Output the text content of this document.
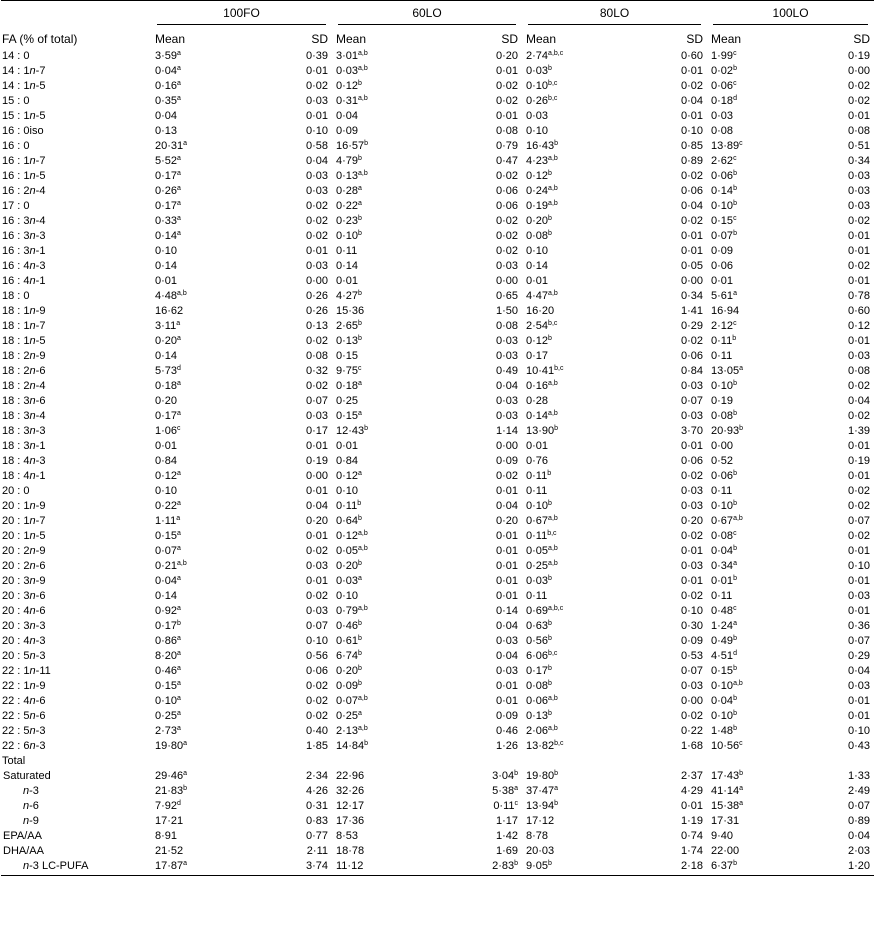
	100FO		60LO		80LO		100LO	

FA (% of total)	Mean	SD	Mean	SD	Mean	SD	Mean	SD
14 : 0	$3\cdot 59^a$	0·39	$3\cdot 01^{a,b}$	0·20	$2\cdot 74^{a,b,c}$	0·60	$1\cdot 99^c$	0·19
14 : 1n-7	$0\cdot 04^a$	0·01	$0\cdot 03^{a,b}$	0·01	$0\cdot 03^b$	0·01	$0\cdot 02^b$	0·00
14 : 1n-5	$0\cdot 16^a$	0·02	$0\cdot 12^b$	0·02	$0\cdot 10^{b,c}$	0·02	$0\cdot 06^c$	0·02
15 : 0	$0\cdot 35^a$	0·03	$0\cdot 31^{a,b}$	0·02	$0\cdot 26^{b,c}$	0·04	$0\cdot 18^d$	0·02
15 : 1n-5	0·04	0·01	0·04	0·01	0·03	0·01	0·03	0·01
16 : 0iso	0·13	0·10	0·09	0·08	0·10	0·10	0·08	0·08
16 : 0	$20\cdot 31^a$	0·58	$16\cdot 57^b$	0·79	$16\cdot 43^b$	0·85	$13\cdot 89^c$	0·51
16 : 1n-7	$5\cdot 52^a$	0·04	$4\cdot 79^b$	0·47	$4\cdot 23^{a,b}$	0·89	$2\cdot 62^c$	0·34
16 : 1n-5	$0\cdot 17^a$	0·03	$0\cdot 13^{a,b}$	0·02	$0\cdot 12^b$	0·02	$0\cdot 06^b$	0·03
16 : 2n-4	$0\cdot 26^a$	0·03	$0\cdot 28^a$	0·06	$0\cdot 24^{a,b}$	0·06	$0\cdot 14^b$	0·03
17 : 0	$0\cdot 17^a$	0·02	$0\cdot 22^a$	0·06	$0\cdot 19^{a,b}$	0·04	$0\cdot 10^b$	0·03
16 : 3n-4	$0\cdot 33^a$	0·02	$0\cdot 23^b$	0·02	$0\cdot 20^b$	0·02	$0\cdot 15^c$	0·02
16 : 3n-3	$0\cdot 14^a$	0·02	$0\cdot 10^b$	0·02	$0\cdot 08^b$	0·01	$0\cdot 07^b$	0·01
16 : 3n-1	0·10	0·01	0·11	0·02	0·10	0·01	0·09	0·01
16 : 4n-3	0·14	0·03	0·14	0·03	0·14	0·05	0·06	0·02
16 : 4n-1	0·01	0·00	0·01	0·00	0·01	0·00	0·01	0·01
18 : 0	$4\cdot 48^{a,b}$	0·26	$4\cdot 27^b$	0·65	$4\cdot 47^{a,b}$	0·34	$5\cdot 61^a$	0·78
18 : 1n-9	16·62	0·26	15·36	1·50	16·20	1·41	16·94	0·60
18 : 1n-7	$3\cdot 11^a$	0·13	$2\cdot 65^b$	0·08	$2\cdot 54^{b,c}$	0·29	$2\cdot 12^c$	0·12
18 : 1n-5	$0\cdot 20^a$	0·02	$0\cdot 13^b$	0·03	$0\cdot 12^b$	0·02	$0\cdot 11^b$	0·01
18 : 2n-9	0·14	0·08	0·15	0·03	0·17	0·06	0·11	0·03
18 : 2n-6	$5\cdot 73^d$	0·32	$9\cdot 75^c$	0·49	$10\cdot 41^{b,c}$	0·84	$13\cdot 05^a$	0·08
18 : 2n-4	$0\cdot 18^a$	0·02	$0\cdot 18^a$	0·04	$0\cdot 16^{a,b}$	0·03	$0\cdot 10^b$	0·02
18 : 3n-6	0·20	0·07	0·25	0·03	0·28	0·07	0·19	0·04
18 : 3n-4	$0\cdot 17^a$	0·03	$0\cdot 15^a$	0·03	$0\cdot 14^{a,b}$	0·03	$0\cdot 08^b$	0·02
18 : 3n-3	$1\cdot 06^c$	0·17	$12\cdot 43^b$	1·14	$13\cdot 90^b$	3·70	$20\cdot 93^b$	1·39
18 : 3n-1	0·01	0·01	0·01	0·00	0·01	0·01	0·00	0·01
18 : 4n-3	0·84	0·19	0·84	0·09	0·76	0·06	0·52	0·19
18 : 4n-1	$0\cdot 12^a$	0·00	$0\cdot 12^a$	0·02	$0\cdot 11^b$	0·02	$0\cdot 06^b$	0·01
20 : 0	0·10	0·01	0·10	0·01	0·11	0·03	0·11	0·02
20 : 1n-9	$0\cdot 22^a$	0·04	$0\cdot 11^b$	0·04	$0\cdot 10^b$	0·03	$0\cdot 10^b$	0·02
20 : 1n-7	$1\cdot 11^a$	0·20	$0\cdot 64^b$	0·20	$0\cdot 67^{a,b}$	0·20	$0\cdot 67^{a,b}$	0·07
20 : 1n-5	$0\cdot 15^a$	0·01	$0\cdot 12^{a,b}$	0·01	$0\cdot 11^{b,c}$	0·02	$0\cdot 08^c$	0·02
20 : 2n-9	$0\cdot 07^a$	0·02	$0\cdot 05^{a,b}$	0·01	$0\cdot 05^{a,b}$	0·01	$0\cdot 04^b$	0·01
20 : 2n-6	$0\cdot 21^{a,b}$	0·03	$0\cdot 20^b$	0·01	$0\cdot 25^{a,b}$	0·03	$0\cdot 34^a$	0·10
20 : 3n-9	$0\cdot 04^a$	0·01	$0\cdot 03^a$	0·01	$0\cdot 03^b$	0·01	$0\cdot 01^b$	0·01
20 : 3n-6	0·14	0·02	0·10	0·01	0·11	0·02	0·11	0·03
20 : 4n-6	$0\cdot 92^a$	0·03	$0\cdot 79^{a,b}$	0·14	$0\cdot 69^{a,b,c}$	0·10	$0\cdot 48^c$	0·01
20 : 3n-3	$0\cdot 17^b$	0·07	$0\cdot 46^b$	0·04	$0\cdot 63^b$	0·30	$1\cdot 24^a$	0·36
20 : 4n-3	$0\cdot 86^a$	0·10	$0\cdot 61^b$	0·03	$0\cdot 56^b$	0·09	$0\cdot 49^b$	0·07
20 : 5n-3	$8\cdot 20^a$	0·56	$6\cdot 74^b$	0·04	$6\cdot 06^{b,c}$	0·53	$4\cdot 51^d$	0·29
22 : 1n-11	$0\cdot 46^a$	0·06	$0\cdot 20^b$	0·03	$0\cdot 17^b$	0·07	$0\cdot 15^b$	0·04
22 : 1n-9	$0\cdot 15^a$	0·02	$0\cdot 09^b$	0·01	$0\cdot 08^b$	0·03	$0\cdot 10^{a,b}$	0·03
22 : 4n-6	$0\cdot 10^a$	0·02	$0\cdot 07^{a,b}$	0·01	$0\cdot 06^{a,b}$	0·00	$0\cdot 04^b$	0·01
22 : 5n-6	$0\cdot 25^a$	0·02	$0\cdot 25^a$	0·09	$0\cdot 13^b$	0·02	$0\cdot 10^b$	0·01
22 : 5n-3	$2\cdot 73^a$	0·40	$2\cdot 13^{a,b}$	0·46	$2\cdot 06^{a,b}$	0·22	$1\cdot 48^b$	0·10
22 : 6n-3	$19\cdot 80^a$	1·85	$14\cdot 84^b$	1·26	$13\cdot 82^{b,c}$	1·68	$10\cdot 56^c$	0·43
Total								
Saturated	$29\cdot 46^a$	2·34	22·96	$3\cdot 04^b$	$19\cdot 80^b$	2·37	$17\cdot 43^b$	1·33
n-3	$21\cdot 83^b$	4·26	32·26	$5\cdot 38^a$	$37\cdot 47^a$	4·29	$41\cdot 14^a$	2·49
n-6	$7\cdot 92^d$	0·31	12·17	$0\cdot 11^c$	$13\cdot 94^b$	0·01	$15\cdot 38^a$	0·07
n-9	17·21	0·83	17·36	1·17	17·12	1·19	17·31	0·89
EPA/AA	8·91	0·77	8·53	1·42	8·78	0·74	9·40	0·04
DHA/AA	21·52	2·11	18·78	1·69	20·03	1·74	22·00	2·03
n-3 LC-PUFA	$17\cdot 87^a$	3·74	11·12	$2\cdot 83^b$	$9\cdot 05^b$	2·18	$6\cdot 37^b$	1·20
